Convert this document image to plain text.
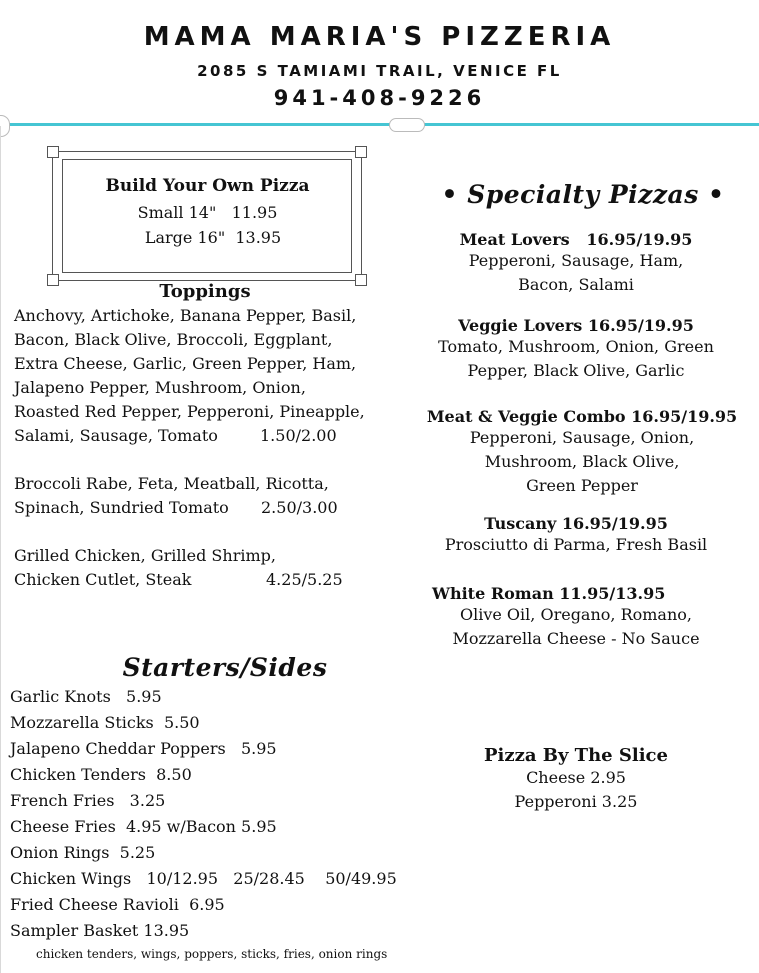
MAMA MARIA'S PIZZERIA
2085 S TAMIAMI TRAIL, VENICE FL
941-408-9226
Build Your Own Pizza
Small 14"   11.95
Large 16"  13.95
Toppings
Anchovy, Artichoke, Banana Pepper, Basil,
Bacon, Black Olive, Broccoli, Eggplant,
Extra Cheese, Garlic, Green Pepper, Ham,
Jalapeno Pepper, Mushroom, Onion,
Roasted Red Pepper, Pepperoni, Pineapple,
Salami, Sausage, Tomato	1.50/2.00
Broccoli Rabe, Feta, Meatball, Ricotta,
Spinach, Sundried Tomato	2.50/3.00
Grilled Chicken, Grilled Shrimp,
Chicken Cutlet, Steak	4.25/5.25
Starters/Sides
Garlic Knots   5.95
Mozzarella Sticks  5.50
Jalapeno Cheddar Poppers   5.95
Chicken Tenders  8.50
French Fries   3.25
Cheese Fries  4.95 w/Bacon 5.95
Onion Rings  5.25
Chicken Wings   10/12.95   25/28.45    50/49.95
Fried Cheese Ravioli  6.95
Sampler Basket 13.95
chicken tenders, wings, poppers, sticks, fries, onion rings
• Specialty Pizzas •
Meat Lovers   16.95/19.95
Pepperoni, Sausage, Ham,
Bacon, Salami
Veggie Lovers 16.95/19.95
Tomato, Mushroom, Onion, Green
Pepper, Black Olive, Garlic
Meat & Veggie Combo 16.95/19.95
Pepperoni, Sausage, Onion,
Mushroom, Black Olive,
Green Pepper
Tuscany 16.95/19.95
Prosciutto di Parma, Fresh Basil
White Roman 11.95/13.95
Olive Oil, Oregano, Romano,
Mozzarella Cheese - No Sauce
Pizza By The Slice
Cheese 2.95
Pepperoni 3.25
